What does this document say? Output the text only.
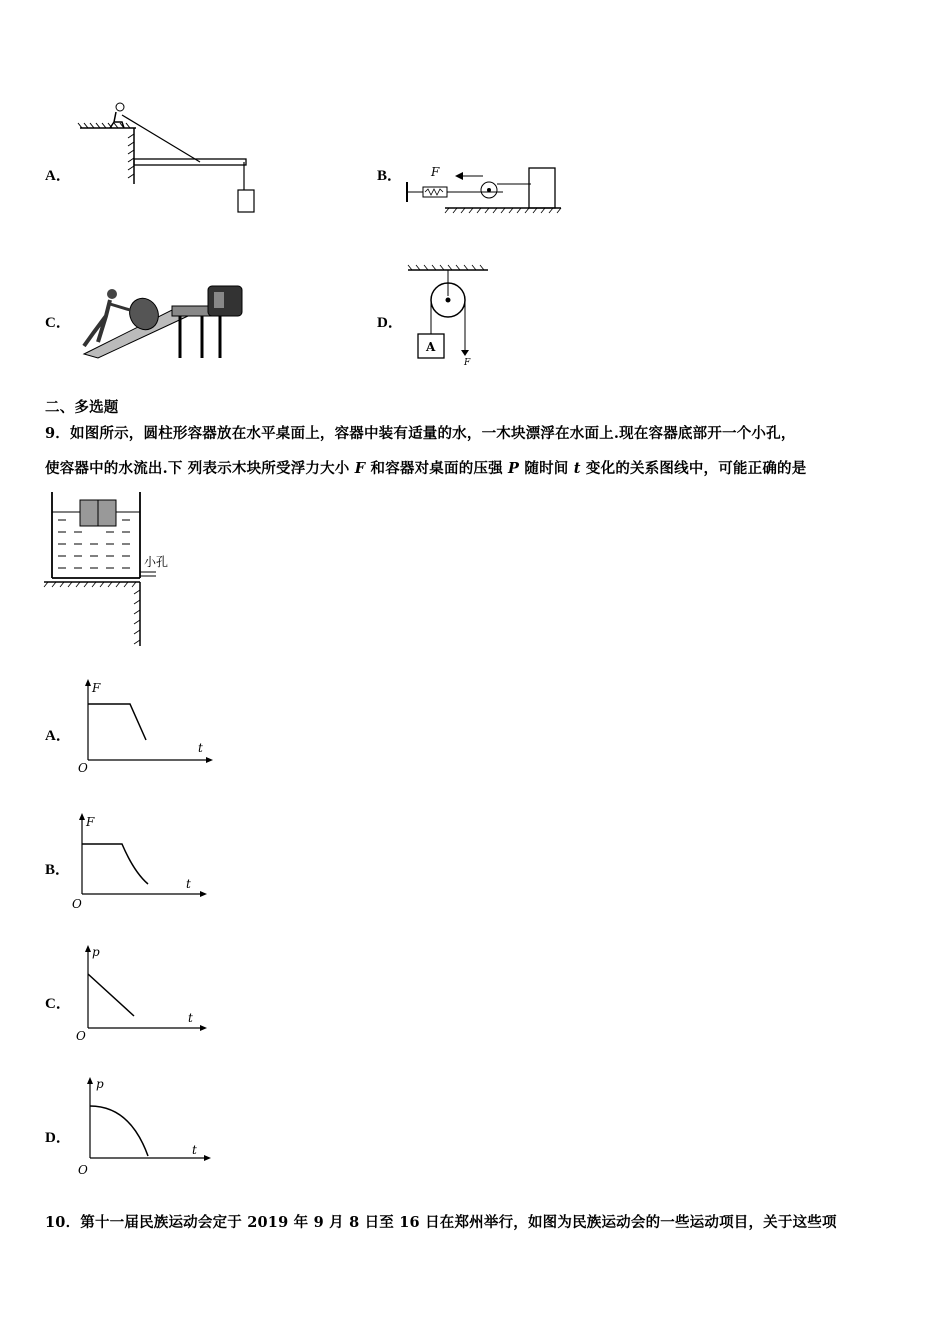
A．	B． F
C．	D．
A
F
二、多选题
9．如图所示，圆柱形容器放在水平桌面上，容器中装有适量的水，一木块漂浮在水面上.现在容器底部开一个小孔，
使容器中的水流出.下 列表示木块所受浮力大小 F 和容器对桌面的压强 P 随时间 t 变化的关系图线中，可能正确的是
小孔
A．
F
t
O
B．
F
t
O
C．
p
t
O
D．
p
t
O
10．第十一届民族运动会定于 2019 年 9 月 8 日至 16 日在郑州举行，如图为民族运动会的一些运动项目，关于这些项
